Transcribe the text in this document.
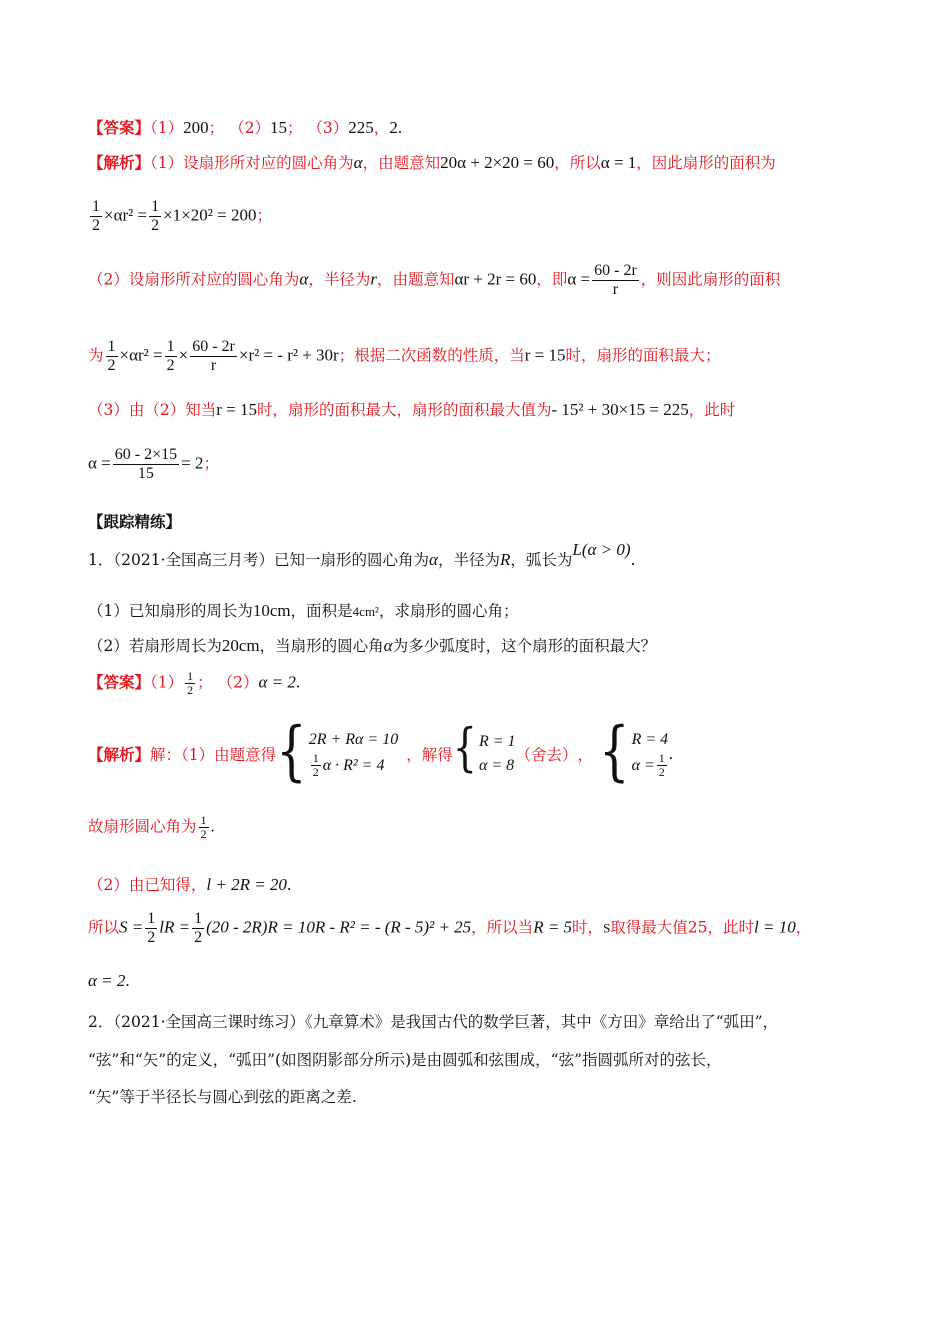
【答案】（1）200； （2）15； （3）225，2.
【解析】（1）设扇形所对应的圆心角为α，由题意知20α + 2×20 = 60，所以α = 1，因此扇形的面积为
$\frac{1}{2} \times\alpha r^2 = \frac{1}{2} \times 1\times 20^2 = 200$；
（2）设扇形所对应的圆心角为α，半径为r，由题意知αr + 2r = 60，即$\alpha = \frac{60 - 2r}{r}$ ，则因此扇形的面积
为 $\frac{1}{2} \times\alpha r^2 = \frac{1}{2} \times \frac{60 - 2r}{r} \times r^2$ = - r² + 30r；根据二次函数的性质，当r = 15时，扇形的面积最大；
（3）由（2）知当r = 15时，扇形的面积最大，扇形的面积最大值为- 15² + 30×15 = 225，此时
$\alpha = \frac{60 - 2\times 15}{15} = 2$；
【跟踪精练】
1．（2021·全国高三月考）已知一扇形的圆心角为α，半径为R，弧长为L(α > 0).
（1）已知扇形的周长为10cm，面积是4cm²，求扇形的圆心角；
（2）若扇形周长为20cm，当扇形的圆心角α为多少弧度时，这个扇形的面积最大？
【答案】$(1) \frac{1}{2}$ ； （2）α = 2.
【解析】 解：（1）由题意得 { 2R + Rα = 10
$\frac{1}{2}$ α · R² = 4
，解得 { R = 1
α = 8
（舍去） ， { R = 4
$\alpha = \frac{1}{2}$ .
故扇形圆心角为 $\frac{1}{2}$ .
（2）由已知得，l + 2R = 20.
所以$S = \frac{1}{2}$ lR = $\frac{1}{2} (20 - 2R)R = 10R - R^2$ = - (R - 5)² + 25，所以当R = 5时，S取得最大值25，此时l = 10，
α = 2.
2．（2021·全国高三课时练习）《九章算术》是我国古代的数学巨著，其中《方田》章给出了“弧田”，
“弦”和“矢”的定义，“弧田”(如图阴影部分所示)是由圆弧和弦围成，“弦”指圆弧所对的弦长，
“矢”等于半径长与圆心到弦的距离之差.
